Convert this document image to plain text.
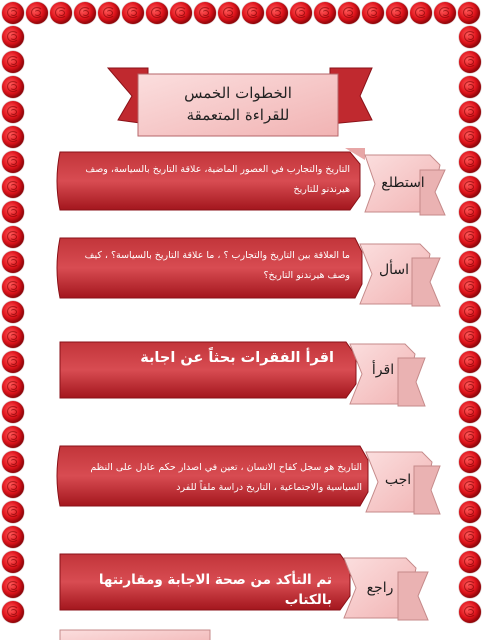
الخطوات الخمس
للقراءة المتعمقة
التاريخ والتجارب في العصور الماضية، علاقة التاريخ بالسياسة، وصف هيرندنو للتاريخ	استطلع
ما العلاقة بين التاريخ والتجارب ؟ ، ما علاقة التاريخ بالسياسة؟ ، كيف وصف هيرندنو التاريخ؟	اسأل
اقرأ الفقرات بحثاً عن اجابة
اقرأ
التاريخ هو سجل كفاح الانسان ، تعين في اصدار حكم عادل على النظم السياسية والاجتماعية ، التاريخ دراسة ملفاً للفرد	اجب
تم التأكد من صحة الاجابة ومقارنتها بالكتاب
راجع
